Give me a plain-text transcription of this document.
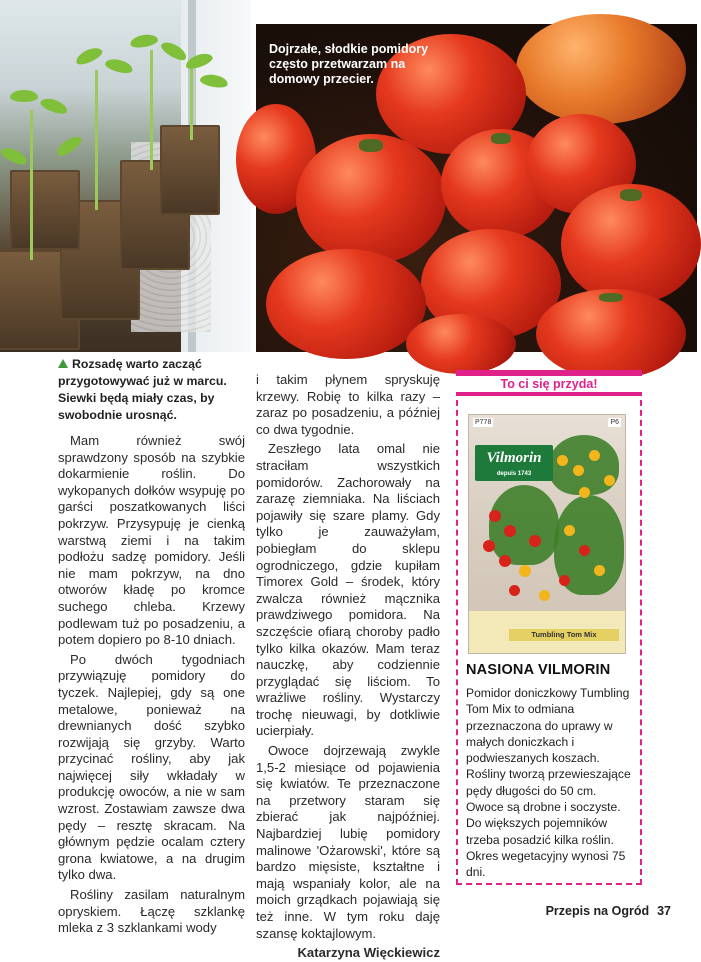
Dojrzałe, słodkie pomidory często przetwarzam na domowy przecier.
Rozsadę warto zacząć przygotowywać już w marcu. Siewki będą miały czas, by swobodnie urosnąć.

Mam również swój sprawdzony sposób na szybkie dokarmienie roślin. Do wykopanych dołków wsypuję po garści poszatkowanych liści pokrzyw. Przysypuję je cienką warstwą ziemi i na takim podłożu sadzę pomidory. Jeśli nie mam pokrzyw, na dno otworów kładę po kromce suchego chleba. Krzewy podlewam tuż po posadzeniu, a potem dopiero po 8-10 dniach.

Po dwóch tygodniach przywiązuję pomidory do tyczek. Najlepiej, gdy są one metalowe, ponieważ na drewnianych dość szybko rozwijają się grzyby. Warto przycinać rośliny, aby jak najwięcej siły wkładały w produkcję owoców, a nie w sam wzrost. Zostawiam zawsze dwa pędy – resztę skracam. Na głównym pędzie ocalam cztery grona kwiatowe, a na drugim tylko dwa.

Rośliny zasilam naturalnym opryskiem. Łączę szklankę mleka z 3 szklankami wody

i takim płynem spryskuję krzewy. Robię to kilka razy – zaraz po posadzeniu, a później co dwa tygodnie.

Zeszłego lata omal nie straciłam wszystkich pomidorów. Zachorowały na zarazę ziemniaka. Na liściach pojawiły się szare plamy. Gdy tylko je zauważyłam, pobiegłam do sklepu ogrodniczego, gdzie kupiłam Timorex Gold – środek, który zwalcza również mącznika prawdziwego pomidora. Na szczęście ofiarą choroby padło tylko kilka okazów. Mam teraz nauczkę, aby codziennie przyglądać się liściom. To wrażliwe rośliny. Wystarczy trochę nieuwagi, by dotkliwie ucierpiały.

Owoce dojrzewają zwykle 1,5-2 miesiące od pojawienia się kwiatów. Te przeznaczone na przetwory staram się zbierać jak najpóźniej. Najbardziej lubię pomidory malinowe 'Ożarowski', które są bardzo mięsiste, kształtne i mają wspaniały kolor, ale na moich grządkach pojawiają się też inne. W tym roku daję szansę koktajlowym.

Katarzyna Więckiewicz
To ci się przyda!
P778	P6
Vilmorin
depuis 1743
Tumbling Tom Mix
NASIONA VILMORIN
Pomidor doniczkowy Tumbling Tom Mix to odmiana przeznaczona do uprawy w małych doniczkach i podwieszanych koszach. Rośliny tworzą przewieszające pędy długości do 50 cm. Owoce są drobne i soczyste. Do większych pojemników trzeba posadzić kilka roślin. Okres wegetacyjny wynosi 75 dni.
Przepis na Ogród 37
